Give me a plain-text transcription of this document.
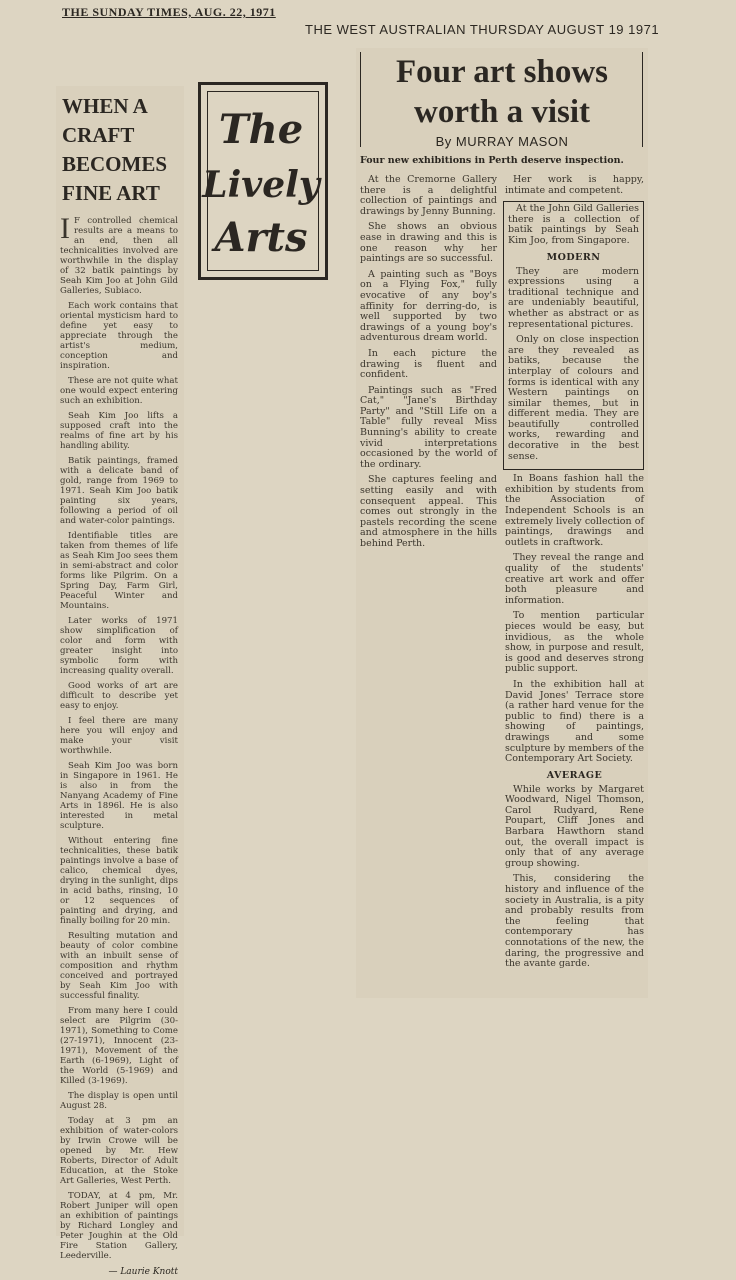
THE SUNDAY TIMES, AUG. 22, 1971
THE WEST AUSTRALIAN THURSDAY AUGUST 19 1971
WHEN A CRAFT BECOMES FINE ART

I F controlled chemical results are a means to an end, then all technicalities involved are worthwhile in the display of 32 batik paintings by Seah Kim Joo at John Gild Galleries, Subiaco.

Each work contains that oriental mysticism hard to define yet easy to appreciate through the artist's medium, conception and inspiration.

These are not quite what one would expect entering such an exhibition.

Seah Kim Joo lifts a supposed craft into the realms of fine art by his handling ability.

Batik paintings, framed with a delicate band of gold, range from 1969 to 1971. Seah Kim Joo batik painting six years, following a period of oil and water-color paintings.

Identifiable titles are taken from themes of life as Seah Kim Joo sees them in semi-abstract and color forms like Pilgrim. On a Spring Day, Farm Girl, Peaceful Winter and Mountains.

Later works of 1971 show simplification of color and form with greater insight into symbolic form with increasing quality overall.

Good works of art are difficult to describe yet easy to enjoy.

I feel there are many here you will enjoy and make your visit worthwhile.

Seah Kim Joo was born in Singapore in 1961. He is also in from the Nanyang Academy of Fine Arts in 1896l. He is also interested in metal sculpture.

Without entering fine technicalities, these batik paintings involve a base of calico, chemical dyes, drying in the sunlight, dips in acid baths, rinsing, 10 or 12 sequences of painting and drying, and finally boiling for 20 min.

Resulting mutation and beauty of color combine with an inbuilt sense of composition and rhythm conceived and portrayed by Seah Kim Joo with successful finality.

From many here I could select are Pilgrim (30-1971), Something to Come (27-1971), Innocent (23-1971), Movement of the Earth (6-1969), Light of the World (5-1969) and Killed (3-1969).

The display is open until August 28.

Today at 3 pm an exhibition of water-colors by Irwin Crowe will be opened by Mr. Hew Roberts, Director of Adult Education, at the Stoke Art Galleries, West Perth.

TODAY, at 4 pm, Mr. Robert Juniper will open an exhibition of paintings by Richard Longley and Peter Joughin at the Old Fire Station Gallery, Leederville.

— Laurie Knott
The
Lively
Arts
Four art shows worth a visit
By MURRAY MASON

Four new exhibitions in Perth deserve inspection.

At the Cremorne Gallery there is a delightful collection of paintings and drawings by Jenny Bunning.

She shows an obvious ease in drawing and this is one reason why her paintings are so successful.

A painting such as "Boys on a Flying Fox," fully evocative of any boy's affinity for derring-do, is well supported by two drawings of a young boy's adventurous dream world.

In each picture the drawing is fluent and confident.

Paintings such as "Fred Cat," "Jane's Birthday Party" and "Still Life on a Table" fully reveal Miss Bunning's ability to create vivid interpretations occasioned by the world of the ordinary.

She captures feeling and setting easily and with consequent appeal. This comes out strongly in the pastels recording the scene and atmosphere in the hills behind Perth.

Her work is happy, intimate and competent.

At the John Gild Galleries there is a collection of batik paintings by Seah Kim Joo, from Singapore.

MODERN

They are modern expressions using a traditional technique and are undeniably beautiful, whether as abstract or as representational pictures.

Only on close inspection are they revealed as batiks, because the interplay of colours and forms is identical with any Western paintings on similar themes, but in different media. They are beautifully controlled works, rewarding and decorative in the best sense.

In Boans fashion hall the exhibition by students from the Association of Independent Schools is an extremely lively collection of paintings, drawings and outlets in craftwork.

They reveal the range and quality of the students' creative art work and offer both pleasure and information.

To mention particular pieces would be easy, but invidious, as the whole show, in purpose and result, is good and deserves strong public support.

In the exhibition hall at David Jones' Terrace store (a rather hard venue for the public to find) there is a showing of paintings, drawings and some sculpture by members of the Contemporary Art Society.

AVERAGE

While works by Margaret Woodward, Nigel Thomson, Carol Rudyard, Rene Poupart, Cliff Jones and Barbara Hawthorn stand out, the overall impact is only that of any average group showing.

This, considering the history and influence of the society in Australia, is a pity and probably results from the feeling that contemporary has connotations of the new, the daring, the progressive and the avante garde.
